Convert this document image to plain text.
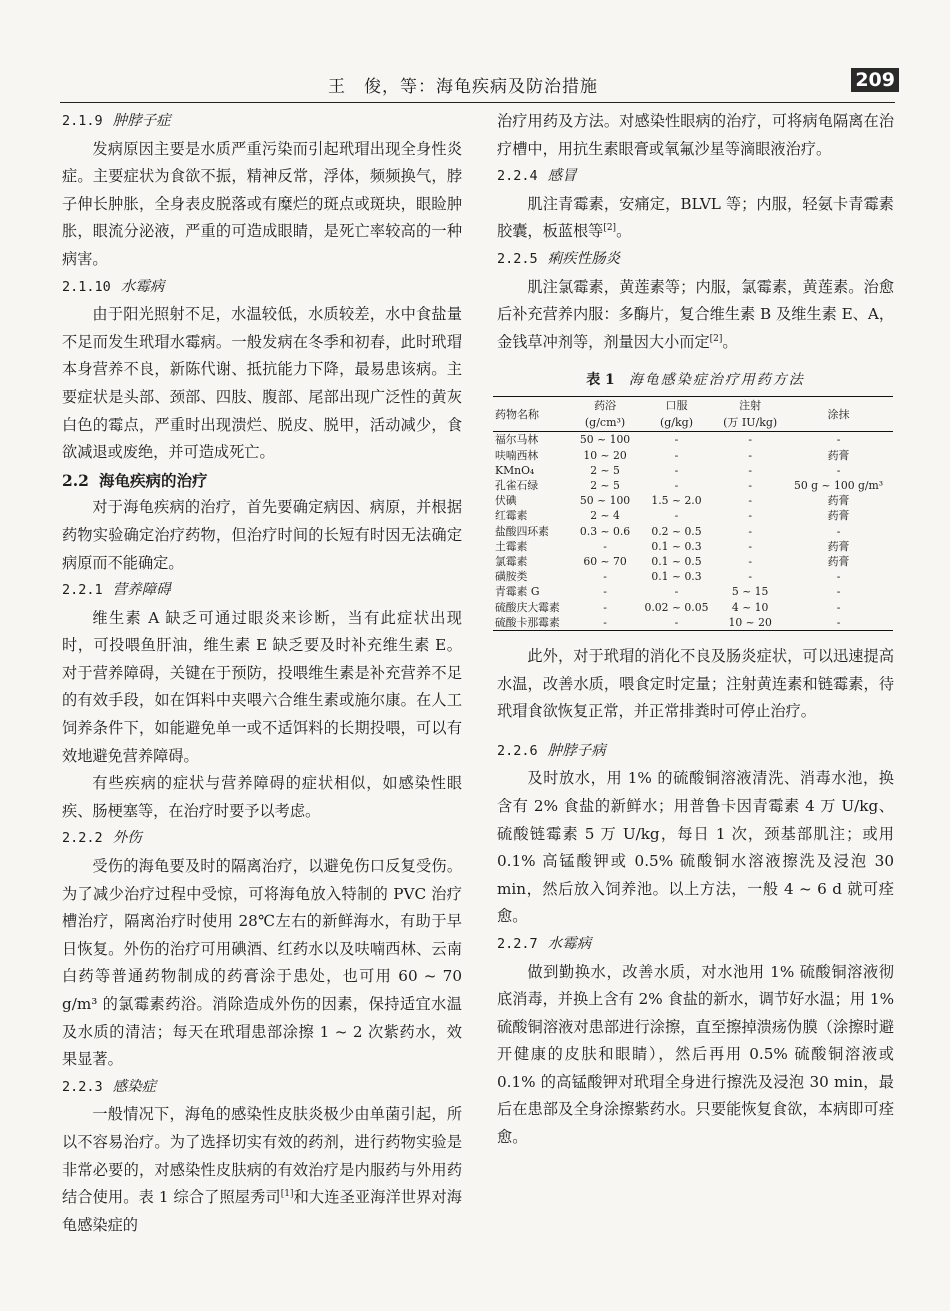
王　俊，等：海龟疾病及防治措施	209
2.1.9 肿脖子症

发病原因主要是水质严重污染而引起玳瑁出现全身性炎症。主要症状为食欲不振，精神反常，浮体，频频换气，脖子伸长肿胀，全身表皮脱落或有糜烂的斑点或斑块，眼睑肿胀，眼流分泌液，严重的可造成眼睛，是死亡率较高的一种病害。

2.1.10 水霉病

由于阳光照射不足，水温较低，水质较差，水中食盐量不足而发生玳瑁水霉病。一般发病在冬季和初春，此时玳瑁本身营养不良，新陈代谢、抵抗能力下降，最易患该病。主要症状是头部、颈部、四肢、腹部、尾部出现广泛性的黄灰白色的霉点，严重时出现溃烂、脱皮、脱甲，活动减少，食欲减退或废绝，并可造成死亡。

2.2 海龟疾病的治疗

对于海龟疾病的治疗，首先要确定病因、病原，并根据药物实验确定治疗药物，但治疗时间的长短有时因无法确定病原而不能确定。

2.2.1 营养障碍

维生素 A 缺乏可通过眼炎来诊断，当有此症状出现时，可投喂鱼肝油，维生素 E 缺乏要及时补充维生素 E。对于营养障碍，关键在于预防，投喂维生素是补充营养不足的有效手段，如在饵料中夹喂六合维生素或施尔康。在人工饲养条件下，如能避免单一或不适饵料的长期投喂，可以有效地避免营养障碍。

有些疾病的症状与营养障碍的症状相似，如感染性眼疾、肠梗塞等，在治疗时要予以考虑。

2.2.2 外伤

受伤的海龟要及时的隔离治疗，以避免伤口反复受伤。为了减少治疗过程中受惊，可将海龟放入特制的 PVC 治疗槽治疗，隔离治疗时使用 28℃左右的新鲜海水，有助于早日恢复。外伤的治疗可用碘酒、红药水以及呋喃西林、云南白药等普通药物制成的药膏涂于患处，也可用 60 ~ 70 g/m³ 的氯霉素药浴。消除造成外伤的因素，保持适宜水温及水质的清洁；每天在玳瑁患部涂擦 1 ~ 2 次紫药水，效果显著。

2.2.3 感染症

一般情况下，海龟的感染性皮肤炎极少由单菌引起，所以不容易治疗。为了选择切实有效的药剂，进行药物实验是非常必要的，对感染性皮肤病的有效治疗是内服药与外用药结合使用。表 1 综合了照屋秀司[1]和大连圣亚海洋世界对海龟感染症的

治疗用药及方法。对感染性眼病的治疗，可将病龟隔离在治疗槽中，用抗生素眼膏或氧氟沙星等滴眼液治疗。

2.2.4 感冒

肌注青霉素，安痛定，BLVL 等；内服，轻氨卡青霉素胶囊，板蓝根等[2]。

2.2.5 痢疾性肠炎

肌注氯霉素，黄莲素等；内服，氯霉素，黄莲素。治愈后补充营养内服：多酶片，复合维生素 B 及维生素 E、A，金钱草冲剂等，剂量因大小而定[2]。

表 1 海龟感染症治疗用药方法
药物名称	药浴	口服	注射	涂抹
	(g/cm³)	(g/kg)	(万 IU/kg)	
福尔马林	50 ~ 100	-	-	-
呋喃西林	10 ~ 20	-	-	药膏
KMnO₄	2 ~ 5	-	-	-
孔雀石绿	2 ~ 5	-	-	50 g ~ 100 g/m³
伏碘	50 ~ 100	1.5 ~ 2.0	-	药膏
红霉素	2 ~ 4	-	-	药膏
盐酸四环素	0.3 ~ 0.6	0.2 ~ 0.5	-	-
土霉素	-	0.1 ~ 0.3	-	药膏
氯霉素	60 ~ 70	0.1 ~ 0.5	-	药膏
磺胺类	-	0.1 ~ 0.3	-	-
青霉素 G	-	-	5 ~ 15	-
硫酸庆大霉素	-	0.02 ~ 0.05	4 ~ 10	-
硫酸卡那霉素	-	-	10 ~ 20	-

此外，对于玳瑁的消化不良及肠炎症状，可以迅速提高水温，改善水质，喂食定时定量；注射黄连素和链霉素，待玳瑁食欲恢复正常，并正常排粪时可停止治疗。

2.2.6 肿脖子病

及时放水，用 1% 的硫酸铜溶液清洗、消毒水池，换含有 2% 食盐的新鲜水；用普鲁卡因青霉素 4 万 U/kg、硫酸链霉素 5 万 U/kg，每日 1 次，颈基部肌注；或用 0.1% 高锰酸钾或 0.5% 硫酸铜水溶液擦洗及浸泡 30 min，然后放入饲养池。以上方法，一般 4 ~ 6 d 就可痊愈。

2.2.7 水霉病

做到勤换水，改善水质，对水池用 1% 硫酸铜溶液彻底消毒，并换上含有 2% 食盐的新水，调节好水温；用 1% 硫酸铜溶液对患部进行涂擦，直至擦掉溃疡伪膜（涂擦时避开健康的皮肤和眼睛），然后再用 0.5% 硫酸铜溶液或 0.1% 的高锰酸钾对玳瑁全身进行擦洗及浸泡 30 min，最后在患部及全身涂擦紫药水。只要能恢复食欲，本病即可痊愈。
